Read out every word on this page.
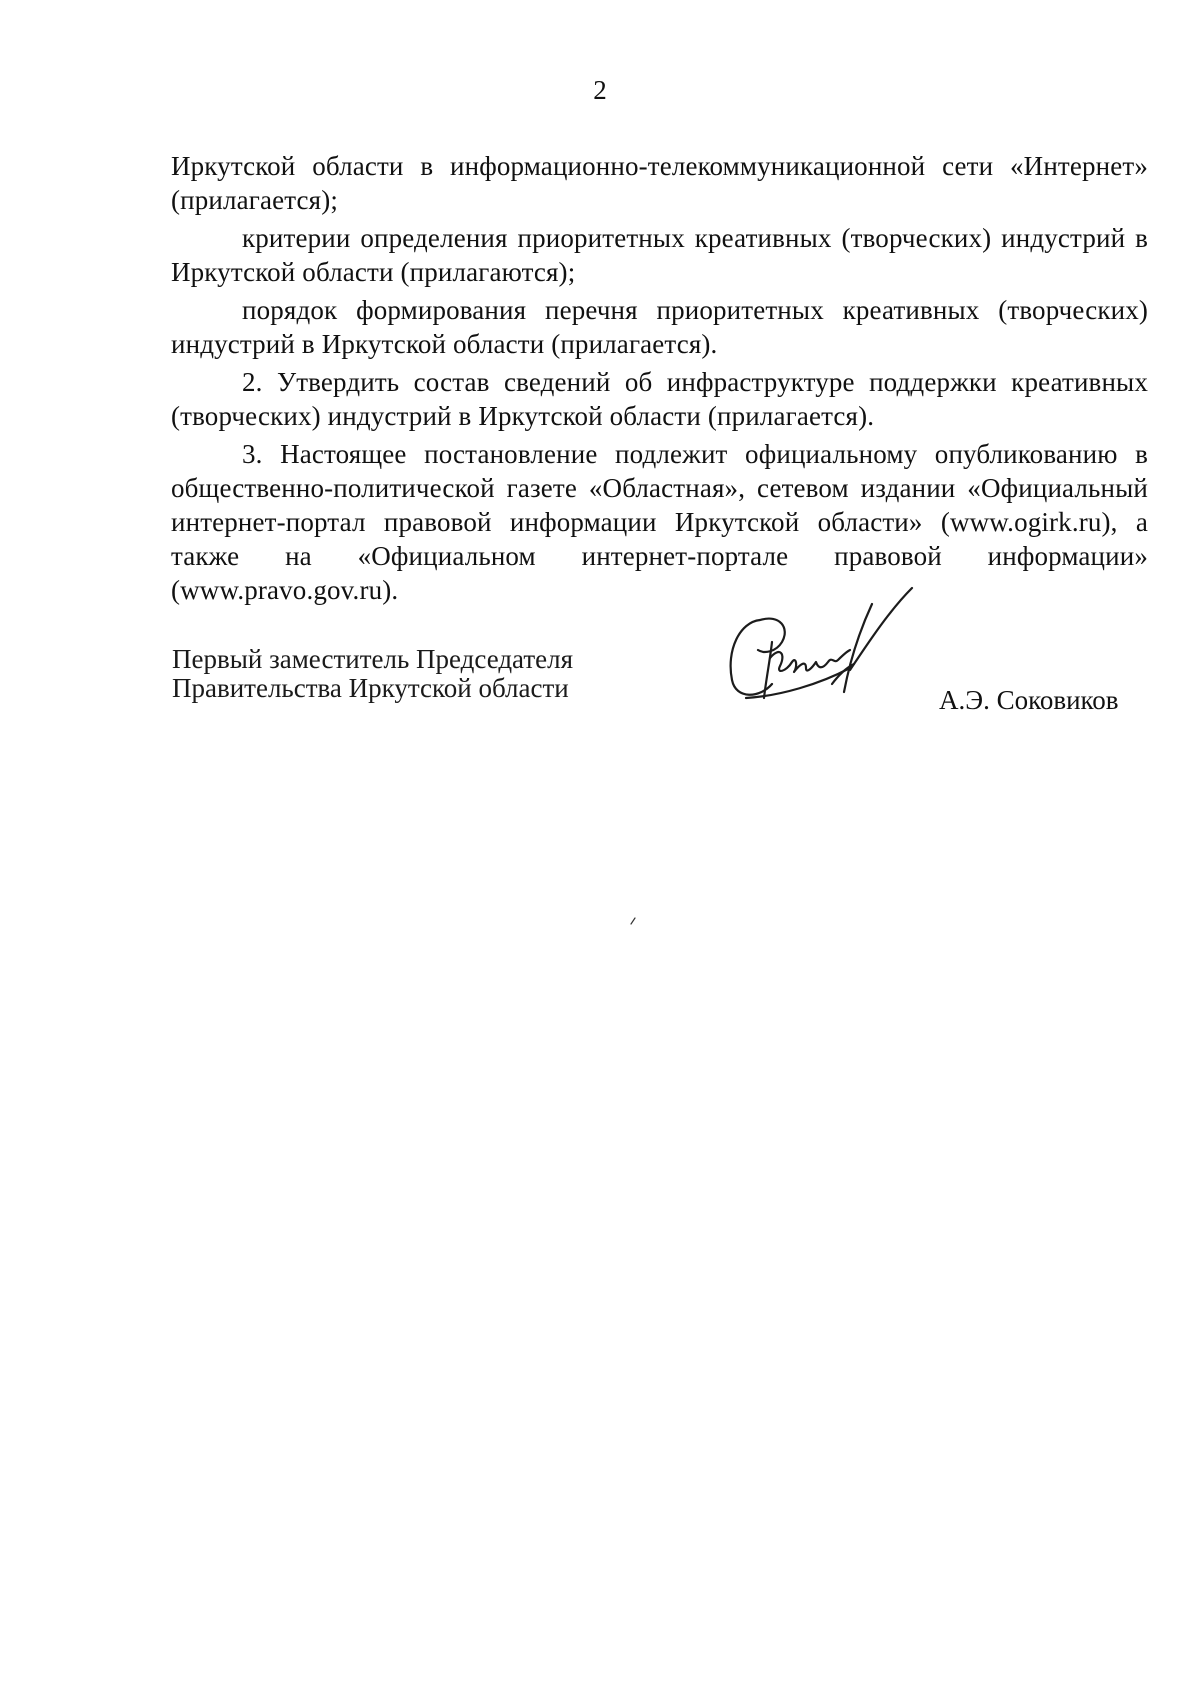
2

Иркутской области в информационно-телекоммуникационной сети «Интернет» (прилагается);

критерии определения приоритетных креативных (творческих) индустрий в Иркутской области (прилагаются);

порядок формирования перечня приоритетных креативных (творческих) индустрий в Иркутской области (прилагается).

2. Утвердить состав сведений об инфраструктуре поддержки креативных (творческих) индустрий в Иркутской области (прилагается).

3. Настоящее постановление подлежит официальному опубликованию в общественно-политической газете «Областная», сетевом издании «Официальный интернет-портал правовой информации Иркутской области» (www.ogirk.ru), а также на «Официальном интернет-портале правовой информации» (www.pravo.gov.ru).

Первый заместитель Председателя
Правительства Иркутской области	А.Э. Соковиков
